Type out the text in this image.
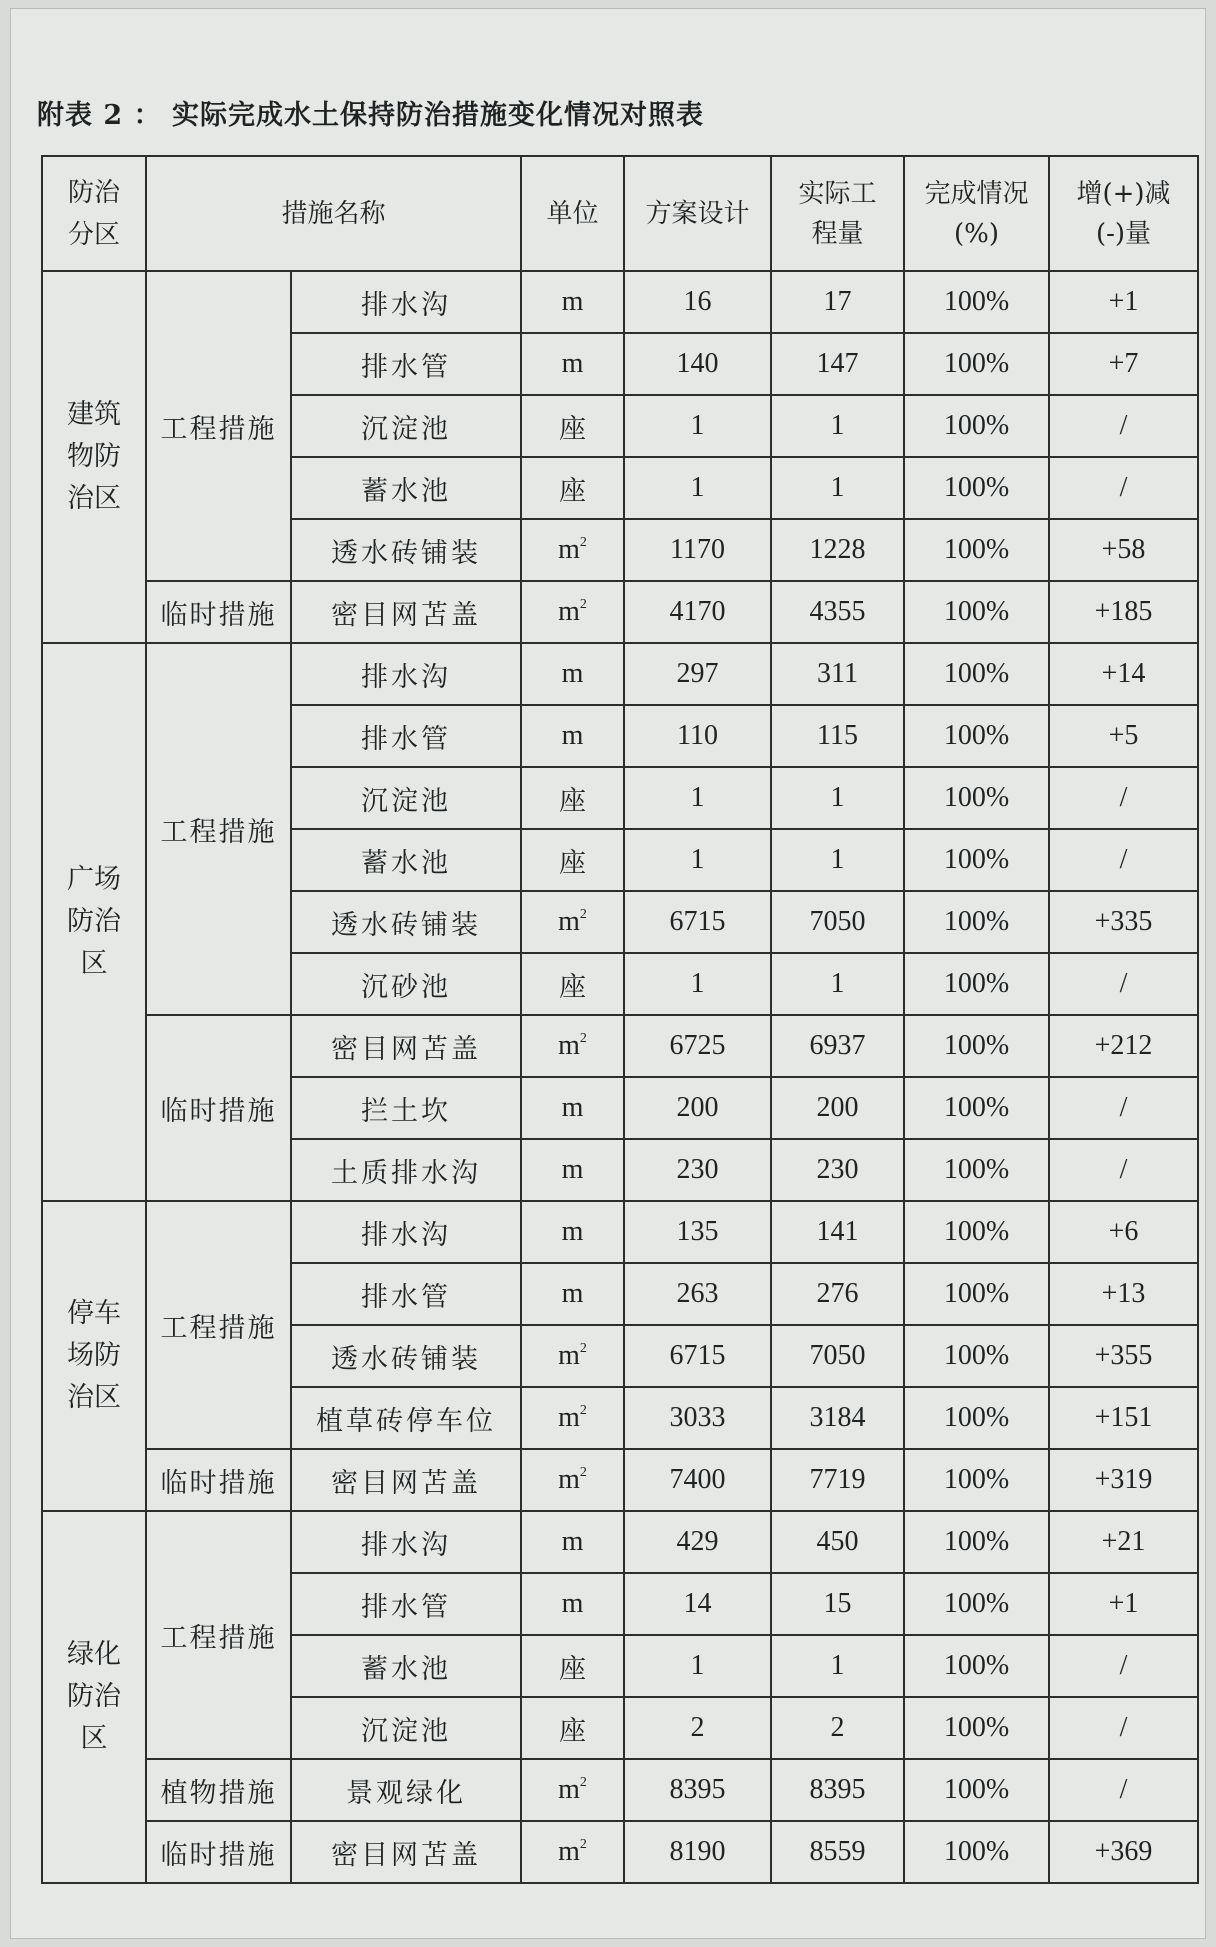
附表 2 ： 实际完成水土保持防治措施变化情况对照表
防治分区	措施名称		单位	方案设计	实际工程量	完成情况(%)	增(+)减(-)量
建筑物防治区	工程措施	排水沟	m	16	17	100%	+1
		排水管	m	140	147	100%	+7
		沉淀池	座	1	1	100%	/
		蓄水池	座	1	1	100%	/
		透水砖铺装	$m^2$	1170	1228	100%	+58
	临时措施	密目网苫盖	$m^2$	4170	4355	100%	+185
广场防治区	工程措施	排水沟	m	297	311	100%	+14
		排水管	m	110	115	100%	+5
		沉淀池	座	1	1	100%	/
		蓄水池	座	1	1	100%	/
		透水砖铺装	$m^2$	6715	7050	100%	+335
		沉砂池	座	1	1	100%	/
	临时措施	密目网苫盖	$m^2$	6725	6937	100%	+212
		拦土坎	m	200	200	100%	/
		土质排水沟	m	230	230	100%	/
停车场防治区	工程措施	排水沟	m	135	141	100%	+6
		排水管	m	263	276	100%	+13
		透水砖铺装	$m^2$	6715	7050	100%	+355
		植草砖停车位	$m^2$	3033	3184	100%	+151
	临时措施	密目网苫盖	$m^2$	7400	7719	100%	+319
绿化防治区	工程措施	排水沟	m	429	450	100%	+21
		排水管	m	14	15	100%	+1
		蓄水池	座	1	1	100%	/
		沉淀池	座	2	2	100%	/
	植物措施	景观绿化	$m^2$	8395	8395	100%	/
	临时措施	密目网苫盖	$m^2$	8190	8559	100%	+369
